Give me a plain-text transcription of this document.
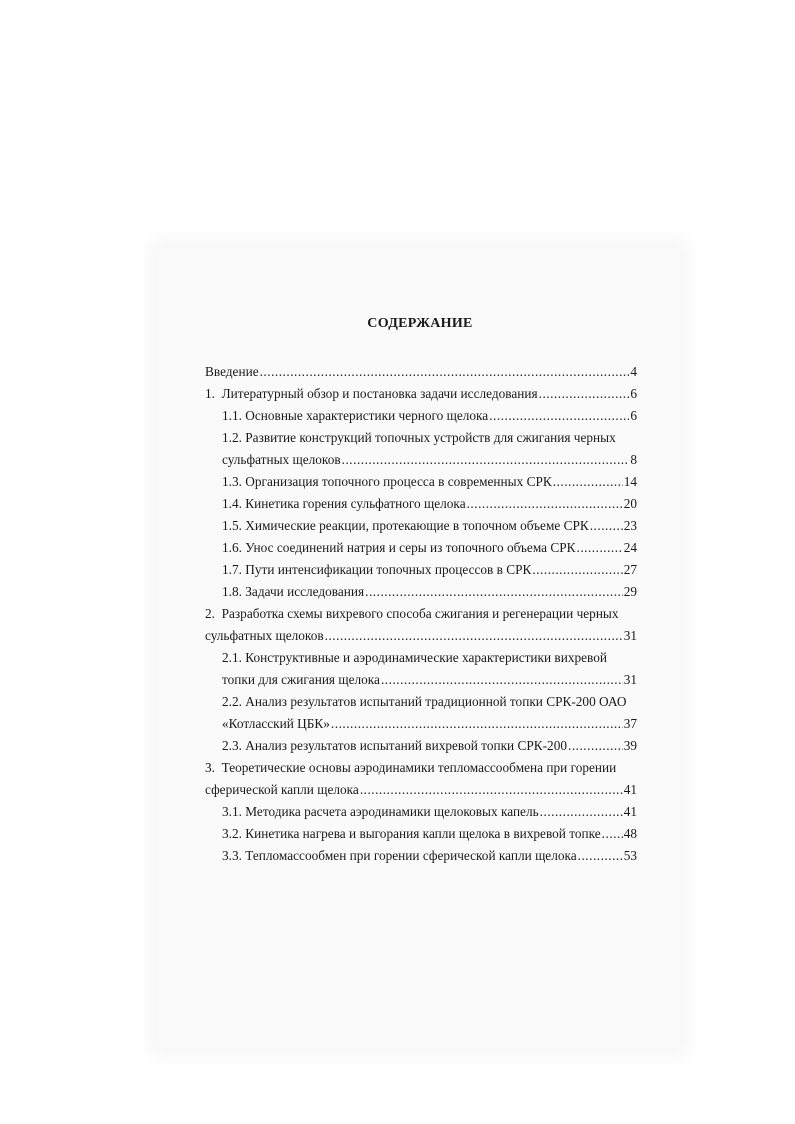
СОДЕРЖАНИЕ
Введение .....	4
1.  Литературный обзор и постановка задачи исследования .....	6
1.1. Основные характеристики черного щелока .....	6
1.2. Развитие конструкций топочных устройств для сжигания черных
сульфатных щелоков .....	8
1.3. Организация топочного процесса в современных СРК .....	14
1.4. Кинетика горения сульфатного щелока .....	20
1.5. Химические реакции, протекающие в топочном объеме СРК .....	23
1.6. Унос соединений натрия и серы из топочного объема СРК .....	24
1.7. Пути интенсификации топочных процессов в СРК .....	27
1.8. Задачи исследования .....	29
2.  Разработка схемы вихревого способа сжигания и регенерации черных
сульфатных щелоков .....	31
2.1. Конструктивные и аэродинамические характеристики вихревой
топки для сжигания щелока .....	31
2.2. Анализ результатов испытаний традиционной топки СРК-200 ОАО
«Котласский ЦБК» .....	37
2.3. Анализ результатов испытаний вихревой топки СРК-200 .....	39
3.  Теоретические основы аэродинамики тепломассообмена при горении
сферической капли щелока .....	41
3.1. Методика расчета аэродинамики щелоковых капель .....	41
3.2. Кинетика нагрева и выгорания капли щелока в вихревой топке ..... 48
3.3. Тепломассообмен при горении сферической капли щелока .....	53
